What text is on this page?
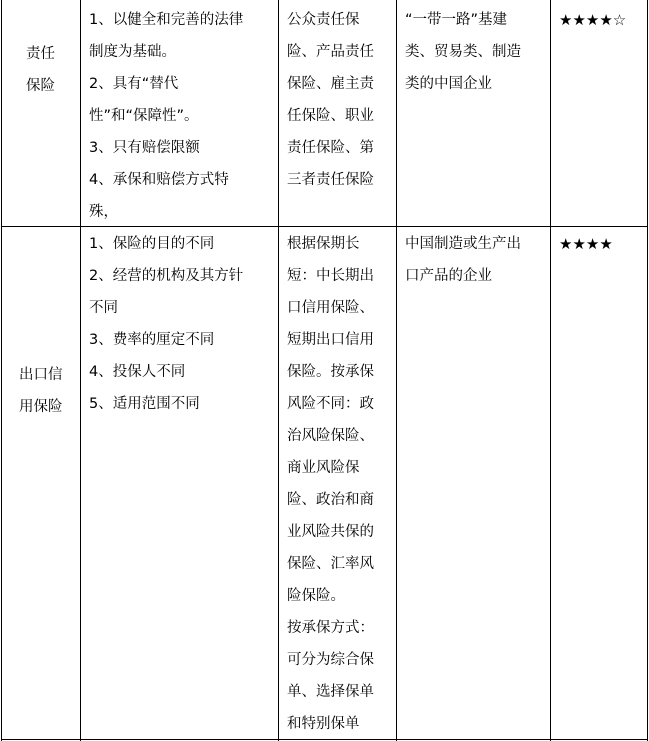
责任
保险
1、以健全和完善的法律
制度为基础。
2、具有“替代
性”和“保障性”。
3、只有赔偿限额
4、承保和赔偿方式特
殊，
公众责任保
险、产品责任
保险、雇主责
任保险、职业
责任保险、第
三者责任保险
“一带一路”基建
类、贸易类、制造
类的中国企业
★★★★☆
出口信
用保险
1、保险的目的不同
2、经营的机构及其方针
不同
3、费率的厘定不同
4、投保人不同
5、适用范围不同
根据保期长
短：中长期出
口信用保险、
短期出口信用
保险。按承保
风险不同：政
治风险保险、
商业风险保
险、政治和商
业风险共保的
保险、汇率风
险保险。
按承保方式：
可分为综合保
单、选择保单
和特别保单
中国制造或生产出
口产品的企业
★★★★
